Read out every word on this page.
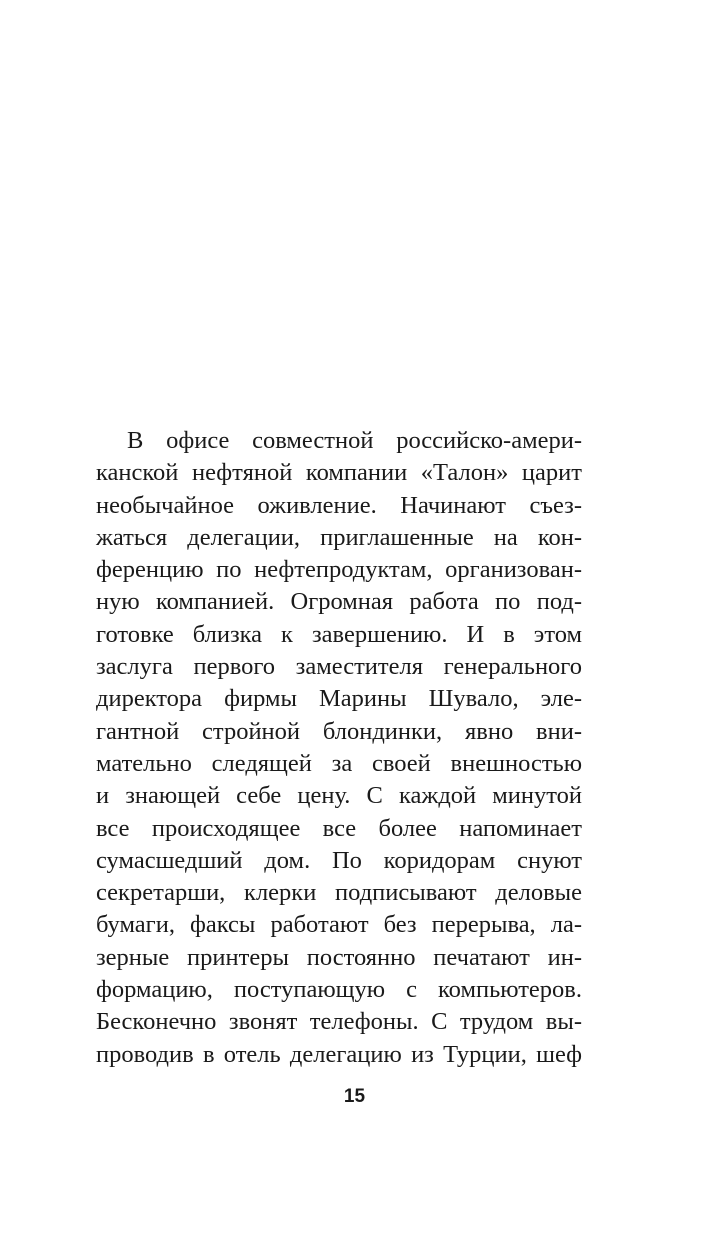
В офисе совместной российско-амери-
канской нефтяной компании «Талон» царит
необычайное оживление. Начинают съез-
жаться делегации, приглашенные на кон-
ференцию по нефтепродуктам, организован-
ную компанией. Огромная работа по под-
готовке близка к завершению. И в этом
заслуга первого заместителя генерального
директора фирмы Марины Шувало, эле-
гантной стройной блондинки, явно вни-
мательно следящей за своей внешностью
и знающей себе цену. С каждой минутой
все происходящее все более напоминает
сумасшедший дом. По коридорам снуют
секретарши, клерки подписывают деловые
бумаги, факсы работают без перерыва, ла-
зерные принтеры постоянно печатают ин-
формацию, поступающую с компьютеров.
Бесконечно звонят телефоны. С трудом вы-
проводив в отель делегацию из Турции, шеф
15
